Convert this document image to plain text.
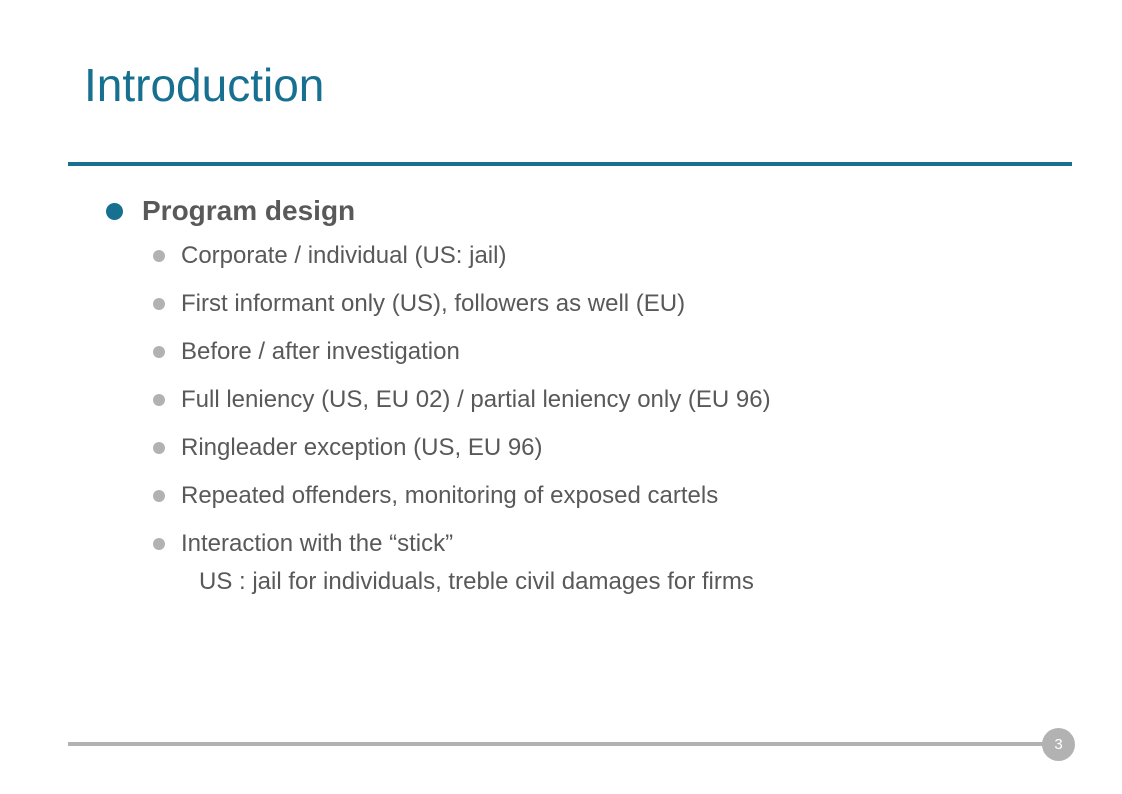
Introduction
Program design
Corporate / individual (US: jail)
First informant only (US), followers as well (EU)
Before / after investigation
Full leniency (US, EU 02) / partial leniency only (EU 96)
Ringleader exception (US, EU 96)
Repeated offenders, monitoring of exposed cartels
Interaction with the “stick”
US : jail for individuals, treble civil damages for firms
3
